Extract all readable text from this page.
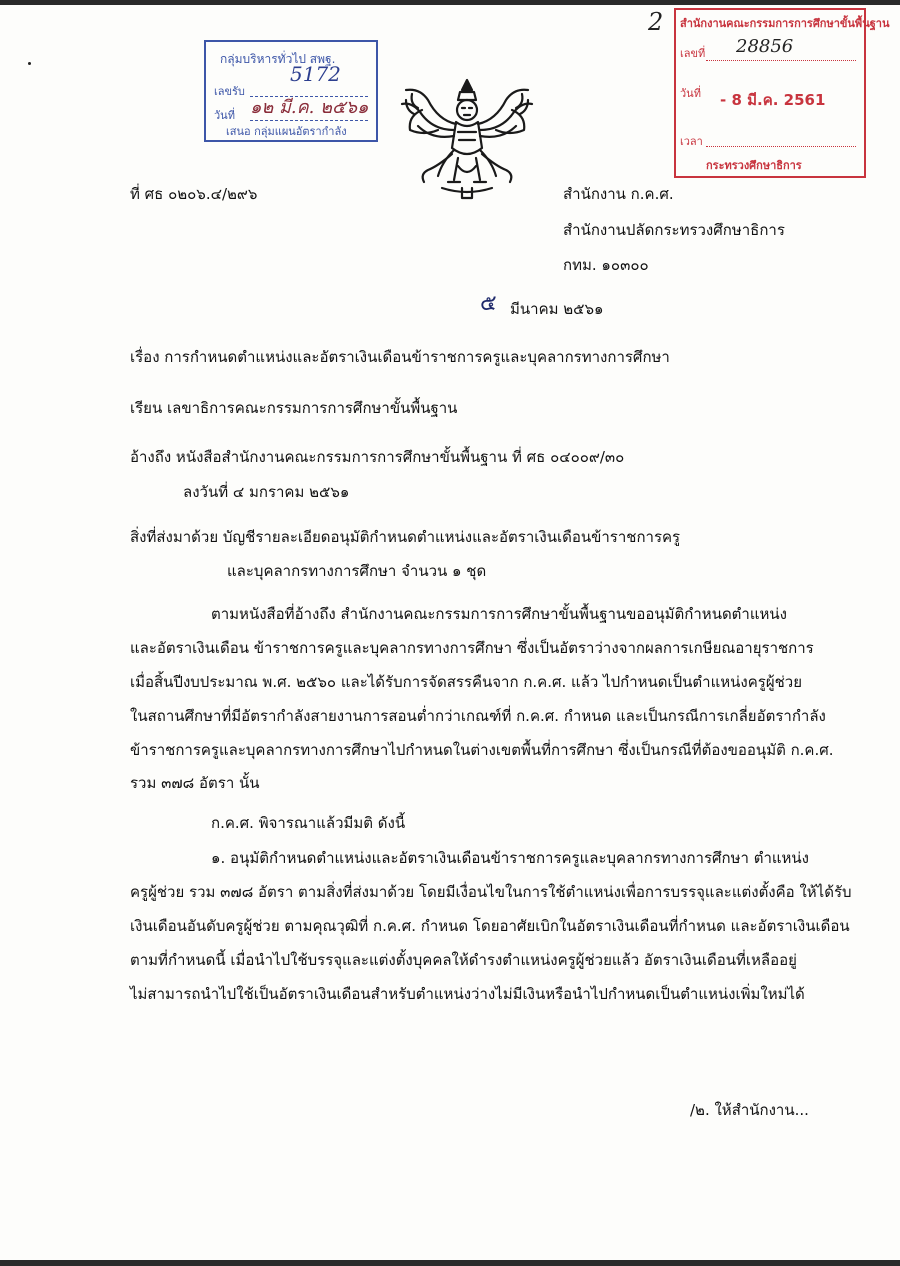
2
กลุ่มบริหารทั่วไป สพฐ.
เลขรับ
วันที่
เสนอ กลุ่มแผนอัตรากำลัง
5172
๑๒ มี.ค. ๒๕๖๑
สำนักงานคณะกรรมการการศึกษาขั้นพื้นฐาน
เลขที่
วันที่ - 8 มี.ค. 2561
เวลา
กระทรวงศึกษาธิการ
28856
ที่ ศธ ๐๒๐๖.๔/๒๙๖	สำนักงาน ก.ค.ศ.
สำนักงานปลัดกระทรวงศึกษาธิการ
กทม. ๑๐๓๐๐
๕ มีนาคม ๒๕๖๑
เรื่อง การกำหนดตำแหน่งและอัตราเงินเดือนข้าราชการครูและบุคลากรทางการศึกษา
เรียน เลขาธิการคณะกรรมการการศึกษาขั้นพื้นฐาน
อ้างถึง หนังสือสำนักงานคณะกรรมการการศึกษาขั้นพื้นฐาน ที่ ศธ ๐๔๐๐๙/๓๐
ลงวันที่ ๔ มกราคม ๒๕๖๑
สิ่งที่ส่งมาด้วย บัญชีรายละเอียดอนุมัติกำหนดตำแหน่งและอัตราเงินเดือนข้าราชการครู
และบุคลากรทางการศึกษา จำนวน ๑ ชุด
ตามหนังสือที่อ้างถึง สำนักงานคณะกรรมการการศึกษาขั้นพื้นฐานขออนุมัติกำหนดตำแหน่ง
และอัตราเงินเดือน ข้าราชการครูและบุคลากรทางการศึกษา ซึ่งเป็นอัตราว่างจากผลการเกษียณอายุราชการ
เมื่อสิ้นปีงบประมาณ พ.ศ. ๒๕๖๐ และได้รับการจัดสรรคืนจาก ก.ค.ศ. แล้ว ไปกำหนดเป็นตำแหน่งครูผู้ช่วย
ในสถานศึกษาที่มีอัตรากำลังสายงานการสอนต่ำกว่าเกณฑ์ที่ ก.ค.ศ. กำหนด และเป็นกรณีการเกลี่ยอัตรากำลัง
ข้าราชการครูและบุคลากรทางการศึกษาไปกำหนดในต่างเขตพื้นที่การศึกษา ซึ่งเป็นกรณีที่ต้องขออนุมัติ ก.ค.ศ.
รวม ๓๗๘ อัตรา นั้น
ก.ค.ศ. พิจารณาแล้วมีมติ ดังนี้
๑. อนุมัติกำหนดตำแหน่งและอัตราเงินเดือนข้าราชการครูและบุคลากรทางการศึกษา ตำแหน่ง
ครูผู้ช่วย รวม ๓๗๘ อัตรา ตามสิ่งที่ส่งมาด้วย โดยมีเงื่อนไขในการใช้ตำแหน่งเพื่อการบรรจุและแต่งตั้งคือ ให้ได้รับ
เงินเดือนอันดับครูผู้ช่วย ตามคุณวุฒิที่ ก.ค.ศ. กำหนด โดยอาศัยเบิกในอัตราเงินเดือนที่กำหนด และอัตราเงินเดือน
ตามที่กำหนดนี้ เมื่อนำไปใช้บรรจุและแต่งตั้งบุคคลให้ดำรงตำแหน่งครูผู้ช่วยแล้ว อัตราเงินเดือนที่เหลืออยู่
ไม่สามารถนำไปใช้เป็นอัตราเงินเดือนสำหรับตำแหน่งว่างไม่มีเงินหรือนำไปกำหนดเป็นตำแหน่งเพิ่มใหม่ได้
/๒. ให้สำนักงาน...
